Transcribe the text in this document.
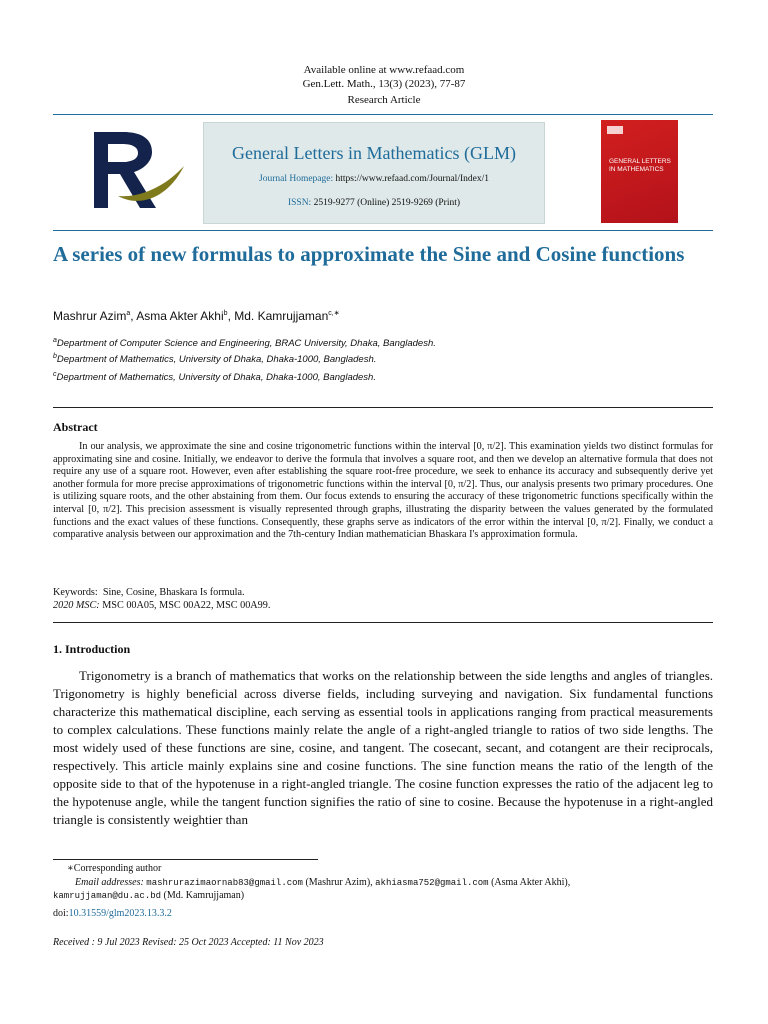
Available online at www.refaad.com
Gen.Lett. Math., 13(3) (2023), 77-87
Research Article
General Letters in Mathematics (GLM)
Journal Homepage: https://www.refaad.com/Journal/Index/1
ISSN: 2519-9277 (Online) 2519-9269 (Print)
GENERAL LETTERS IN MATHEMATICS
A series of new formulas to approximate the Sine and Cosine functions
Mashrur Azim$^a$, Asma Akter Akhi$^b$, Md. Kamrujjaman$^{c,∗}$
$^a$Department of Computer Science and Engineering, BRAC University, Dhaka, Bangladesh.
$^b$Department of Mathematics, University of Dhaka, Dhaka-1000, Bangladesh.
$^c$Department of Mathematics, University of Dhaka, Dhaka-1000, Bangladesh.
Abstract
In our analysis, we approximate the sine and cosine trigonometric functions within the interval [0, π/2]. This examination yields two distinct formulas for approximating sine and cosine. Initially, we endeavor to derive the formula that involves a square root, and then we develop an alternative formula that does not require any use of a square root. However, even after establishing the square root-free procedure, we seek to enhance its accuracy and subsequently derive yet another formula for more precise approximations of trigonometric functions within the interval [0, π/2]. Thus, our analysis presents two primary procedures. One is utilizing square roots, and the other abstaining from them. Our focus extends to ensuring the accuracy of these trigonometric functions specifically within the interval [0, π/2]. This precision assessment is visually represented through graphs, illustrating the disparity between the values generated by the formulated functions and the exact values of these functions. Consequently, these graphs serve as indicators of the error within the interval [0, π/2]. Finally, we conduct a comparative analysis between our approximation and the 7th-century Indian mathematician Bhaskara I's approximation formula.
Keywords: Sine, Cosine, Bhaskara Is formula.
2020 MSC: MSC 00A05, MSC 00A22, MSC 00A99.
1. Introduction
Trigonometry is a branch of mathematics that works on the relationship between the side lengths and angles of triangles. Trigonometry is highly beneficial across diverse fields, including surveying and navigation. Six fundamental functions characterize this mathematical discipline, each serving as essential tools in applications ranging from practical measurements to complex calculations. These functions mainly relate the angle of a right-angled triangle to ratios of two side lengths. The most widely used of these functions are sine, cosine, and tangent. The cosecant, secant, and cotangent are their reciprocals, respectively. This article mainly explains sine and cosine functions. The sine function means the ratio of the length of the opposite side to that of the hypotenuse in a right-angled triangle. The cosine function expresses the ratio of the adjacent leg to the hypotenuse angle, while the tangent function signifies the ratio of sine to cosine. Because the hypotenuse in a right-angled triangle is consistently weightier than
∗Corresponding author
Email addresses: mashrurazimaornab83@gmail.com (Mashrur Azim), akhiasma752@gmail.com (Asma Akter Akhi),
kamrujjaman@du.ac.bd (Md. Kamrujjaman)
doi:10.31559/glm2023.13.3.2
Received : 9 Jul 2023 Revised: 25 Oct 2023 Accepted: 11 Nov 2023
